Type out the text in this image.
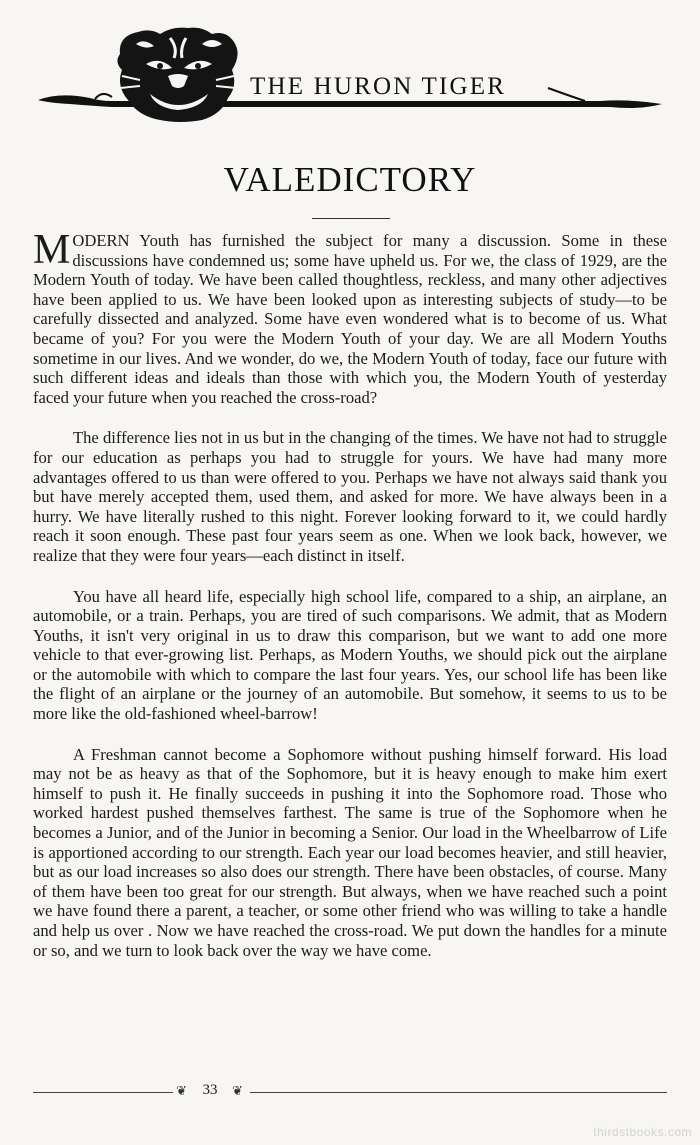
THE HURON TIGER
VALEDICTORY

MODERN Youth has furnished the subject for many a discussion. Some in these discussions have condemned us; some have upheld us. For we, the class of 1929, are the Modern Youth of today. We have been called thoughtless, reckless, and many other adjectives have been applied to us. We have been looked upon as interesting subjects of study—to be carefully dissected and analyzed. Some have even wondered what is to become of us. What became of you? For you were the Modern Youth of your day. We are all Modern Youths sometime in our lives. And we wonder, do we, the Modern Youth of today, face our future with such different ideas and ideals than those with which you, the Modern Youth of yesterday faced your future when you reached the cross-road?

The difference lies not in us but in the changing of the times. We have not had to struggle for our education as perhaps you had to struggle for yours. We have had many more advantages offered to us than were offered to you. Perhaps we have not always said thank you but have merely accepted them, used them, and asked for more. We have always been in a hurry. We have literally rushed to this night. Forever looking forward to it, we could hardly reach it soon enough. These past four years seem as one. When we look back, however, we realize that they were four years—each distinct in itself.

You have all heard life, especially high school life, compared to a ship, an airplane, an automobile, or a train. Perhaps, you are tired of such comparisons. We admit, that as Modern Youths, it isn't very original in us to draw this comparison, but we want to add one more vehicle to that ever-growing list. Perhaps, as Modern Youths, we should pick out the airplane or the automobile with which to compare the last four years. Yes, our school life has been like the flight of an airplane or the journey of an automobile. But somehow, it seems to us to be more like the old-fashioned wheel-barrow!

A Freshman cannot become a Sophomore without pushing himself forward. His load may not be as heavy as that of the Sophomore, but it is heavy enough to make him exert himself to push it. He finally succeeds in pushing it into the Sophomore road. Those who worked hardest pushed themselves farthest. The same is true of the Sophomore when he becomes a Junior, and of the Junior in becoming a Senior. Our load in the Wheelbarrow of Life is apportioned according to our strength. Each year our load becomes heavier, and still heavier, but as our load increases so also does our strength. There have been obstacles, of course. Many of them have been too great for our strength. But always, when we have reached such a point we have found there a parent, a teacher, or some other friend who was willing to take a handle and help us over . Now we have reached the cross-road. We put down the handles for a minute or so, and we turn to look back over the way we have come.

❦	33	❦
thirdstbooks.com
